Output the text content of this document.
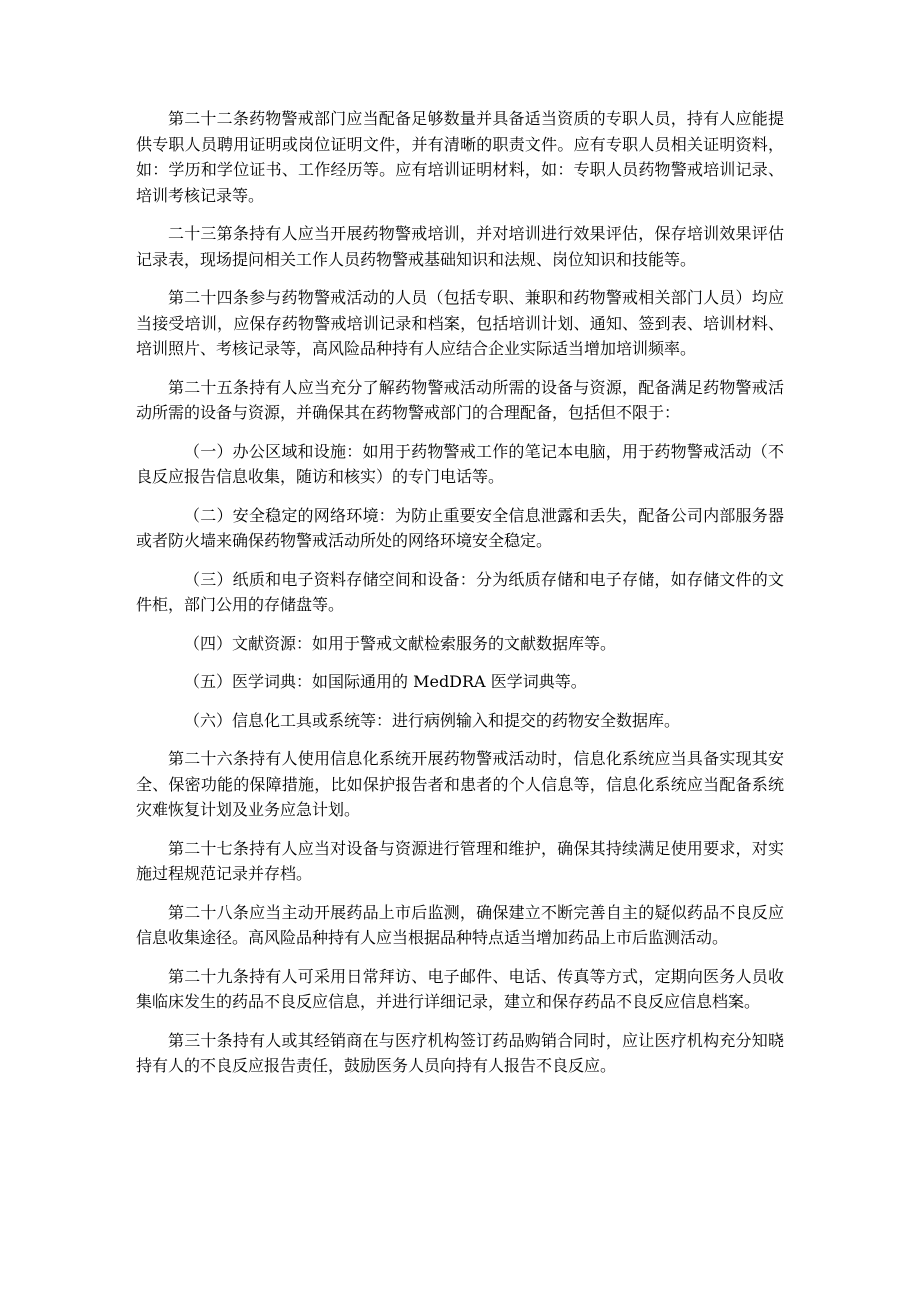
第二十二条药物警戒部门应当配备足够数量并具备适当资质的专职人员，持有人应能提供专职人员聘用证明或岗位证明文件，并有清晰的职责文件。应有专职人员相关证明资料，如：学历和学位证书、工作经历等。应有培训证明材料，如：专职人员药物警戒培训记录、培训考核记录等。

二十三第条持有人应当开展药物警戒培训，并对培训进行效果评估，保存培训效果评估记录表，现场提问相关工作人员药物警戒基础知识和法规、岗位知识和技能等。

第二十四条参与药物警戒活动的人员（包括专职、兼职和药物警戒相关部门人员）均应当接受培训，应保存药物警戒培训记录和档案，包括培训计划、通知、签到表、培训材料、培训照片、考核记录等，高风险品种持有人应结合企业实际适当增加培训频率。

第二十五条持有人应当充分了解药物警戒活动所需的设备与资源，配备满足药物警戒活动所需的设备与资源，并确保其在药物警戒部门的合理配备，包括但不限于：

（一）办公区域和设施：如用于药物警戒工作的笔记本电脑，用于药物警戒活动（不良反应报告信息收集，随访和核实）的专门电话等。

（二）安全稳定的网络环境：为防止重要安全信息泄露和丢失，配备公司内部服务器或者防火墙来确保药物警戒活动所处的网络环境安全稳定。

（三）纸质和电子资料存储空间和设备：分为纸质存储和电子存储，如存储文件的文件柜，部门公用的存储盘等。

（四）文献资源：如用于警戒文献检索服务的文献数据库等。

（五）医学词典：如国际通用的 MedDRA 医学词典等。

（六）信息化工具或系统等：进行病例输入和提交的药物安全数据库。

第二十六条持有人使用信息化系统开展药物警戒活动时，信息化系统应当具备实现其安全、保密功能的保障措施，比如保护报告者和患者的个人信息等，信息化系统应当配备系统灾难恢复计划及业务应急计划。

第二十七条持有人应当对设备与资源进行管理和维护，确保其持续满足使用要求，对实施过程规范记录并存档。

第二十八条应当主动开展药品上市后监测，确保建立不断完善自主的疑似药品不良反应信息收集途径。高风险品种持有人应当根据品种特点适当增加药品上市后监测活动。

第二十九条持有人可采用日常拜访、电子邮件、电话、传真等方式，定期向医务人员收集临床发生的药品不良反应信息，并进行详细记录，建立和保存药品不良反应信息档案。

第三十条持有人或其经销商在与医疗机构签订药品购销合同时，应让医疗机构充分知晓持有人的不良反应报告责任，鼓励医务人员向持有人报告不良反应。
